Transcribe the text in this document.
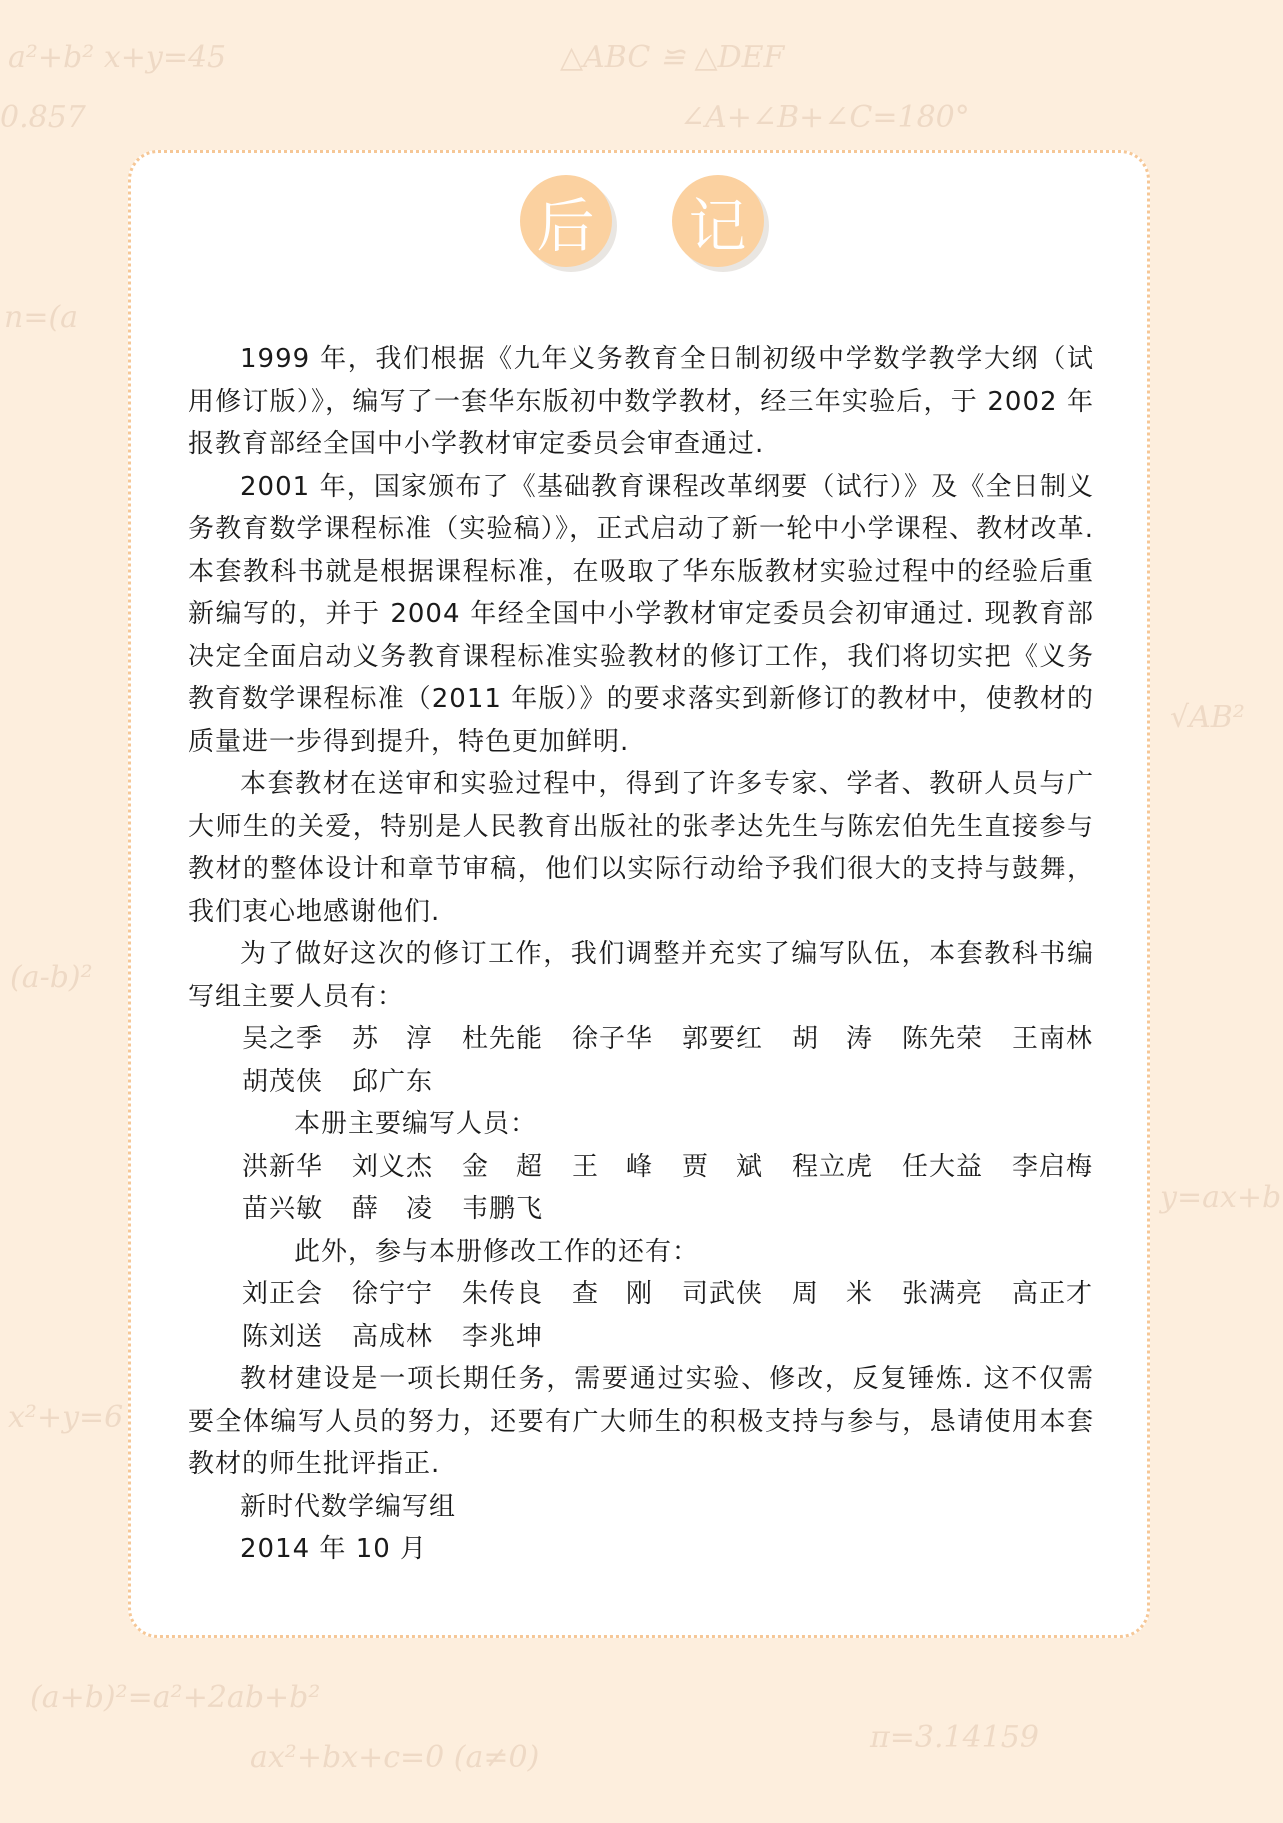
a²+b² x+y=45	△ABC ≌ △DEF
0.857	∠A+∠B+∠C=180°
n=(a
√AB²
(a-b)²
y=ax+b
x²+y=6
(a+b)²=a²+2ab+b²
ax²+bx+c=0 (a≠0)
π=3.14159
后 记

1999 年，我们根据《九年义务教育全日制初级中学数学教学大纲（试用修订版）》，编写了一套华东版初中数学教材，经三年实验后，于 2002 年报教育部经全国中小学教材审定委员会审查通过.

2001 年，国家颁布了《基础教育课程改革纲要（试行）》及《全日制义务教育数学课程标准（实验稿）》，正式启动了新一轮中小学课程、教材改革. 本套教科书就是根据课程标准，在吸取了华东版教材实验过程中的经验后重新编写的，并于 2004 年经全国中小学教材审定委员会初审通过. 现教育部决定全面启动义务教育课程标准实验教材的修订工作，我们将切实把《义务教育数学课程标准（2011 年版）》的要求落实到新修订的教材中，使教材的质量进一步得到提升，特色更加鲜明.

本套教材在送审和实验过程中，得到了许多专家、学者、教研人员与广大师生的关爱，特别是人民教育出版社的张孝达先生与陈宏伯先生直接参与教材的整体设计和章节审稿，他们以实际行动给予我们很大的支持与鼓舞，我们衷心地感谢他们.

为了做好这次的修订工作，我们调整并充实了编写队伍，本套教科书编写组主要人员有：

吴之季	苏　淳	杜先能	徐子华	郭要红	胡　涛	陈先荣	王南林
胡茂侠	邱广东

本册主要编写人员：

洪新华	刘义杰	金　超	王　峰	贾　斌	程立虎	任大益	李启梅
苗兴敏	薛　凌	韦鹏飞

此外，参与本册修改工作的还有：

刘正会	徐宁宁	朱传良	查　刚	司武侠	周　米	张满亮	高正才
陈刘送	高成林	李兆坤

教材建设是一项长期任务，需要通过实验、修改，反复锤炼. 这不仅需要全体编写人员的努力，还要有广大师生的积极支持与参与，恳请使用本套教材的师生批评指正.

新时代数学编写组

2014 年 10 月
